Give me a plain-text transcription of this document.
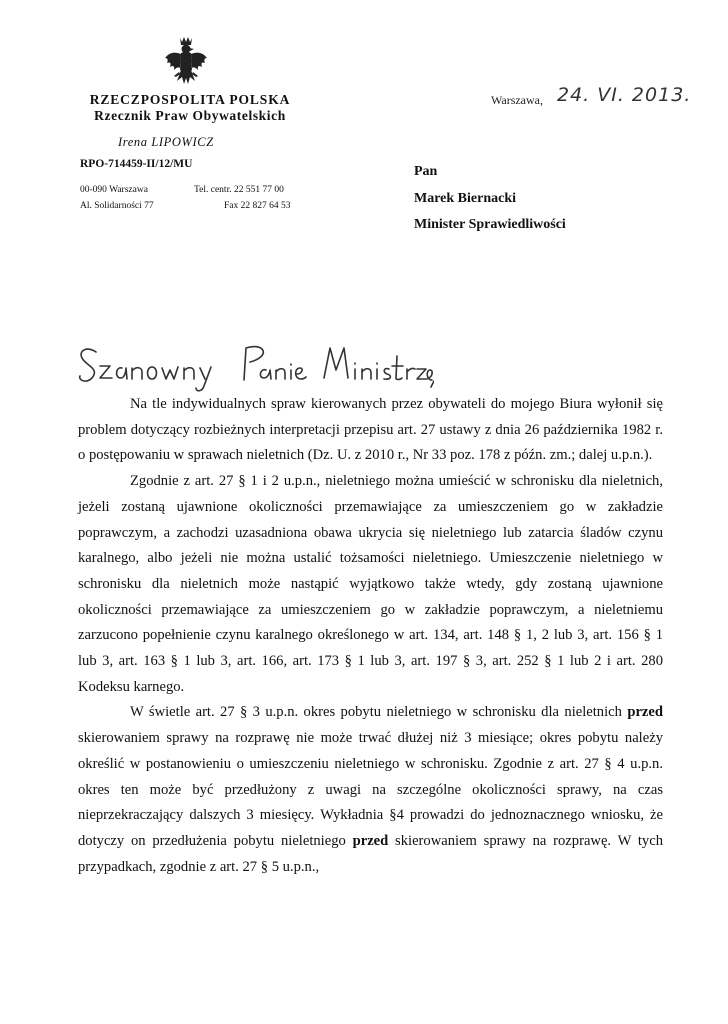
RZECZPOSPOLITA POLSKA
Rzecznik Praw Obywatelskich
Irena LIPOWICZ
RPO-714459-II/12/MU
00-090 Warszawa
Al. Solidarności 77
Tel. centr. 22 551 77 00
Fax 22 827 64 53
Warszawa, 24. VI. 2013.
Pan
Marek Biernacki
Minister Sprawiedliwości

Na tle indywidualnych spraw kierowanych przez obywateli do mojego Biura wyłonił się problem dotyczący rozbieżnych interpretacji przepisu art. 27 ustawy z dnia 26 października 1982 r. o postępowaniu w sprawach nieletnich (Dz. U. z 2010 r., Nr 33 poz. 178 z późn. zm.; dalej u.p.n.).

Zgodnie z art. 27 § 1 i 2 u.p.n., nieletniego można umieścić w schronisku dla nieletnich, jeżeli zostaną ujawnione okoliczności przemawiające za umieszczeniem go w zakładzie poprawczym, a zachodzi uzasadniona obawa ukrycia się nieletniego lub zatarcia śladów czynu karalnego, albo jeżeli nie można ustalić tożsamości nieletniego. Umieszczenie nieletniego w schronisku dla nieletnich może nastąpić wyjątkowo także wtedy, gdy zostaną ujawnione okoliczności przemawiające za umieszczeniem go w zakładzie poprawczym, a nieletniemu zarzucono popełnienie czynu karalnego określonego w art. 134, art. 148 § 1, 2 lub 3, art. 156 § 1 lub 3, art. 163 § 1 lub 3, art. 166, art. 173 § 1 lub 3, art. 197 § 3, art. 252 § 1 lub 2 i art. 280 Kodeksu karnego.

W świetle art. 27 § 3 u.p.n. okres pobytu nieletniego w schronisku dla nieletnich przed skierowaniem sprawy na rozprawę nie może trwać dłużej niż 3 miesiące; okres pobytu należy określić w postanowieniu o umieszczeniu nieletniego w schronisku. Zgodnie z art. 27 § 4 u.p.n. okres ten może być przedłużony z uwagi na szczególne okoliczności sprawy, na czas nieprzekraczający dalszych 3 miesięcy. Wykładnia §4 prowadzi do jednoznacznego wniosku, że dotyczy on przedłużenia pobytu nieletniego przed skierowaniem sprawy na rozprawę. W tych przypadkach, zgodnie z art. 27 § 5 u.p.n.,
